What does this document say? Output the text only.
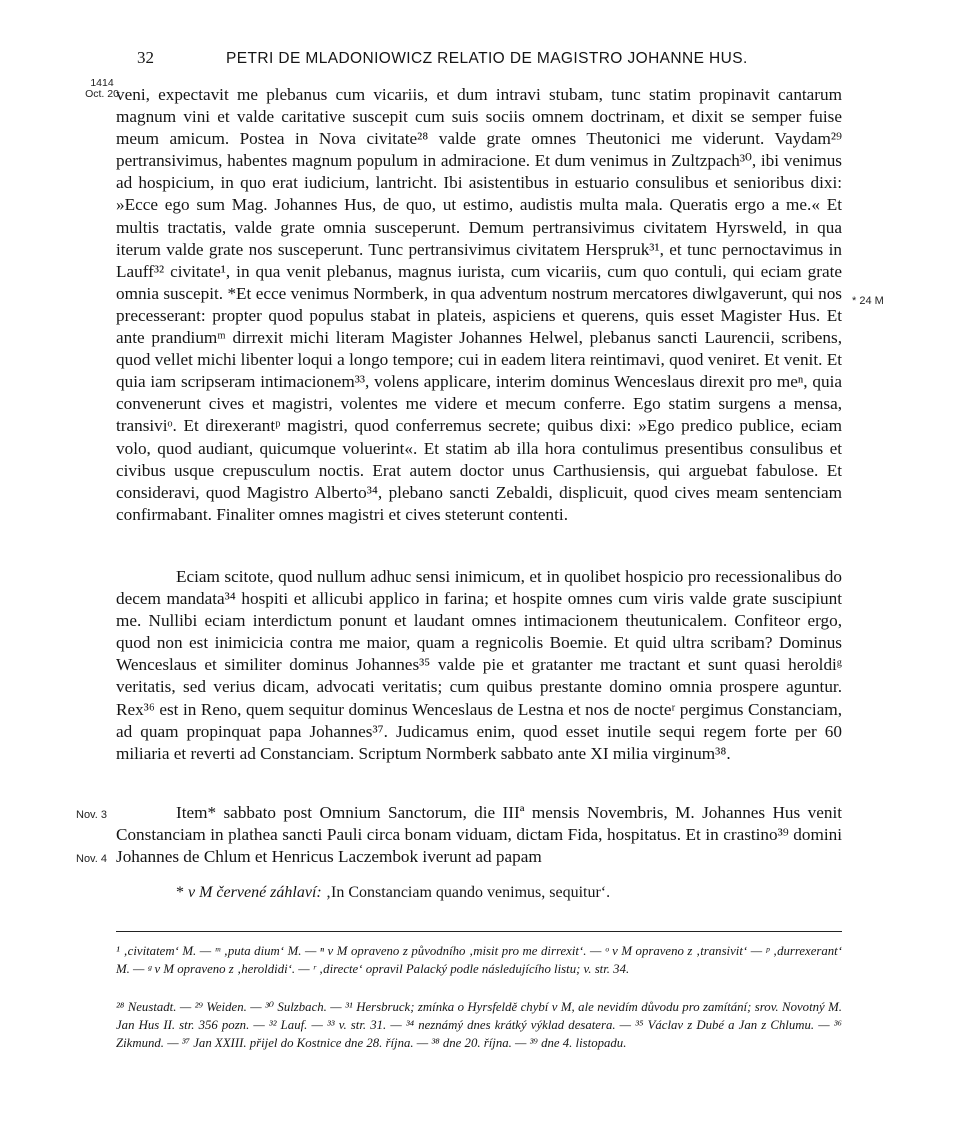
32	PETRI DE MLADONIOWICZ RELATIO DE MAGISTRO JOHANNE HUS.
1414 Oct. 20
* 24 M
Nov. 3
Nov. 4

veni, expectavit me plebanus cum vicariis, et dum intravi stubam, tunc statim propinavit cantarum magnum vini et valde caritative suscepit cum suis sociis omnem doctrinam, et dixit se semper fuise meum amicum. Postea in Nova civitate²⁸ valde grate omnes Theutonici me viderunt. Vaydam²⁹ pertransivimus, habentes magnum populum in admiracione. Et dum venimus in Zultzpach³⁰, ibi venimus ad hospicium, in quo erat iudicium, lantricht. Ibi asistentibus in estuario consulibus et senioribus dixi: »Ecce ego sum Mag. Johannes Hus, de quo, ut estimo, audistis multa mala. Queratis ergo a me.« Et multis tractatis, valde grate omnia susceperunt. Demum pertransivimus civitatem Hyrsweld, in qua iterum valde grate nos susceperunt. Tunc pertransivimus civitatem Herspruk³¹, et tunc pernoctavimus in Lauff³² civitate¹, in qua venit plebanus, magnus iurista, cum vicariis, cum quo contuli, qui eciam grate omnia suscepit. *Et ecce venimus Normberk, in qua adventum nostrum mercatores diwlgaverunt, qui nos precesserant: propter quod populus stabat in plateis, aspiciens et querens, quis esset Magister Hus. Et ante prandiumᵐ dirrexit michi literam Magister Johannes Helwel, plebanus sancti Laurencii, scribens, quod vellet michi libenter loqui a longo tempore; cui in eadem litera reintimavi, quod veniret. Et venit. Et quia iam scripseram intimacionem³³, volens applicare, interim dominus Wenceslaus direxit pro meⁿ, quia convenerunt cives et magistri, volentes me videre et mecum conferre. Ego statim surgens a mensa, transiviᵒ. Et direxerantᵖ magistri, quod conferremus secrete; quibus dixi: »Ego predico publice, eciam volo, quod audiant, quicumque voluerint«. Et statim ab illa hora contulimus presentibus consulibus et civibus usque crepusculum noctis. Erat autem doctor unus Carthusiensis, qui arguebat fabulose. Et consideravi, quod Magistro Alberto³⁴, plebano sancti Zebaldi, displicuit, quod cives meam sentenciam confirmabant. Finaliter omnes magistri et cives steterunt contenti.

Eciam scitote, quod nullum adhuc sensi inimicum, et in quolibet hospicio pro recessionalibus do decem mandata³⁴ hospiti et allicubi applico in farina; et hospite omnes cum viris valde grate suscipiunt me. Nullibi eciam interdictum ponunt et laudant omnes intimacionem theutunicalem. Confiteor ergo, quod non est inimicicia contra me maior, quam a regnicolis Boemie. Et quid ultra scribam? Dominus Wenceslaus et similiter dominus Johannes³⁵ valde pie et gratanter me tractant et sunt quasi heroldiᵍ veritatis, sed verius dicam, advocati veritatis; cum quibus prestante domino omnia prospere aguntur. Rex³⁶ est in Reno, quem sequitur dominus Wenceslaus de Lestna et nos de nocteʳ pergimus Constanciam, ad quam propinquat papa Johannes³⁷. Judicamus enim, quod esset inutile sequi regem forte per 60 miliaria et reverti ad Constanciam. Scriptum Normberk sabbato ante XI milia virginum³⁸.

Item* sabbato post Omnium Sanctorum, die IIIª mensis Novembris, M. Johannes Hus venit Constanciam in plathea sancti Pauli circa bonam viduam, dictam Fida, hospitatus. Et in crastino³⁹ domini Johannes de Chlum et Henricus Laczembok iverunt ad papam

* v M červené záhlaví: ‚In Constanciam quando venimus, sequitur‘.

¹ ‚civitatem‘ M. — ᵐ ‚puta dium‘ M. — ⁿ v M opraveno z původního ‚misit pro me dirrexit‘. — ᵒ v M opraveno z ‚transivit‘ — ᵖ ‚durrexerant‘ M. — ᵍ v M opraveno z ‚heroldidi‘. — ʳ ‚directe‘ opravil Palacký podle následujícího listu; v. str. 34.

²⁸ Neustadt. — ²⁹ Weiden. — ³⁰ Sulzbach. — ³¹ Hersbruck; zmínka o Hyrsfeldě chybí v M, ale nevidím důvodu pro zamítání; srov. Novotný M. Jan Hus II. str. 356 pozn. — ³² Lauf. — ³³ v. str. 31. — ³⁴ neznámý dnes krátký výklad desatera. — ³⁵ Václav z Dubé a Jan z Chlumu. — ³⁶ Zikmund. — ³⁷ Jan XXIII. přijel do Kostnice dne 28. října. — ³⁸ dne 20. října. — ³⁹ dne 4. listopadu.
